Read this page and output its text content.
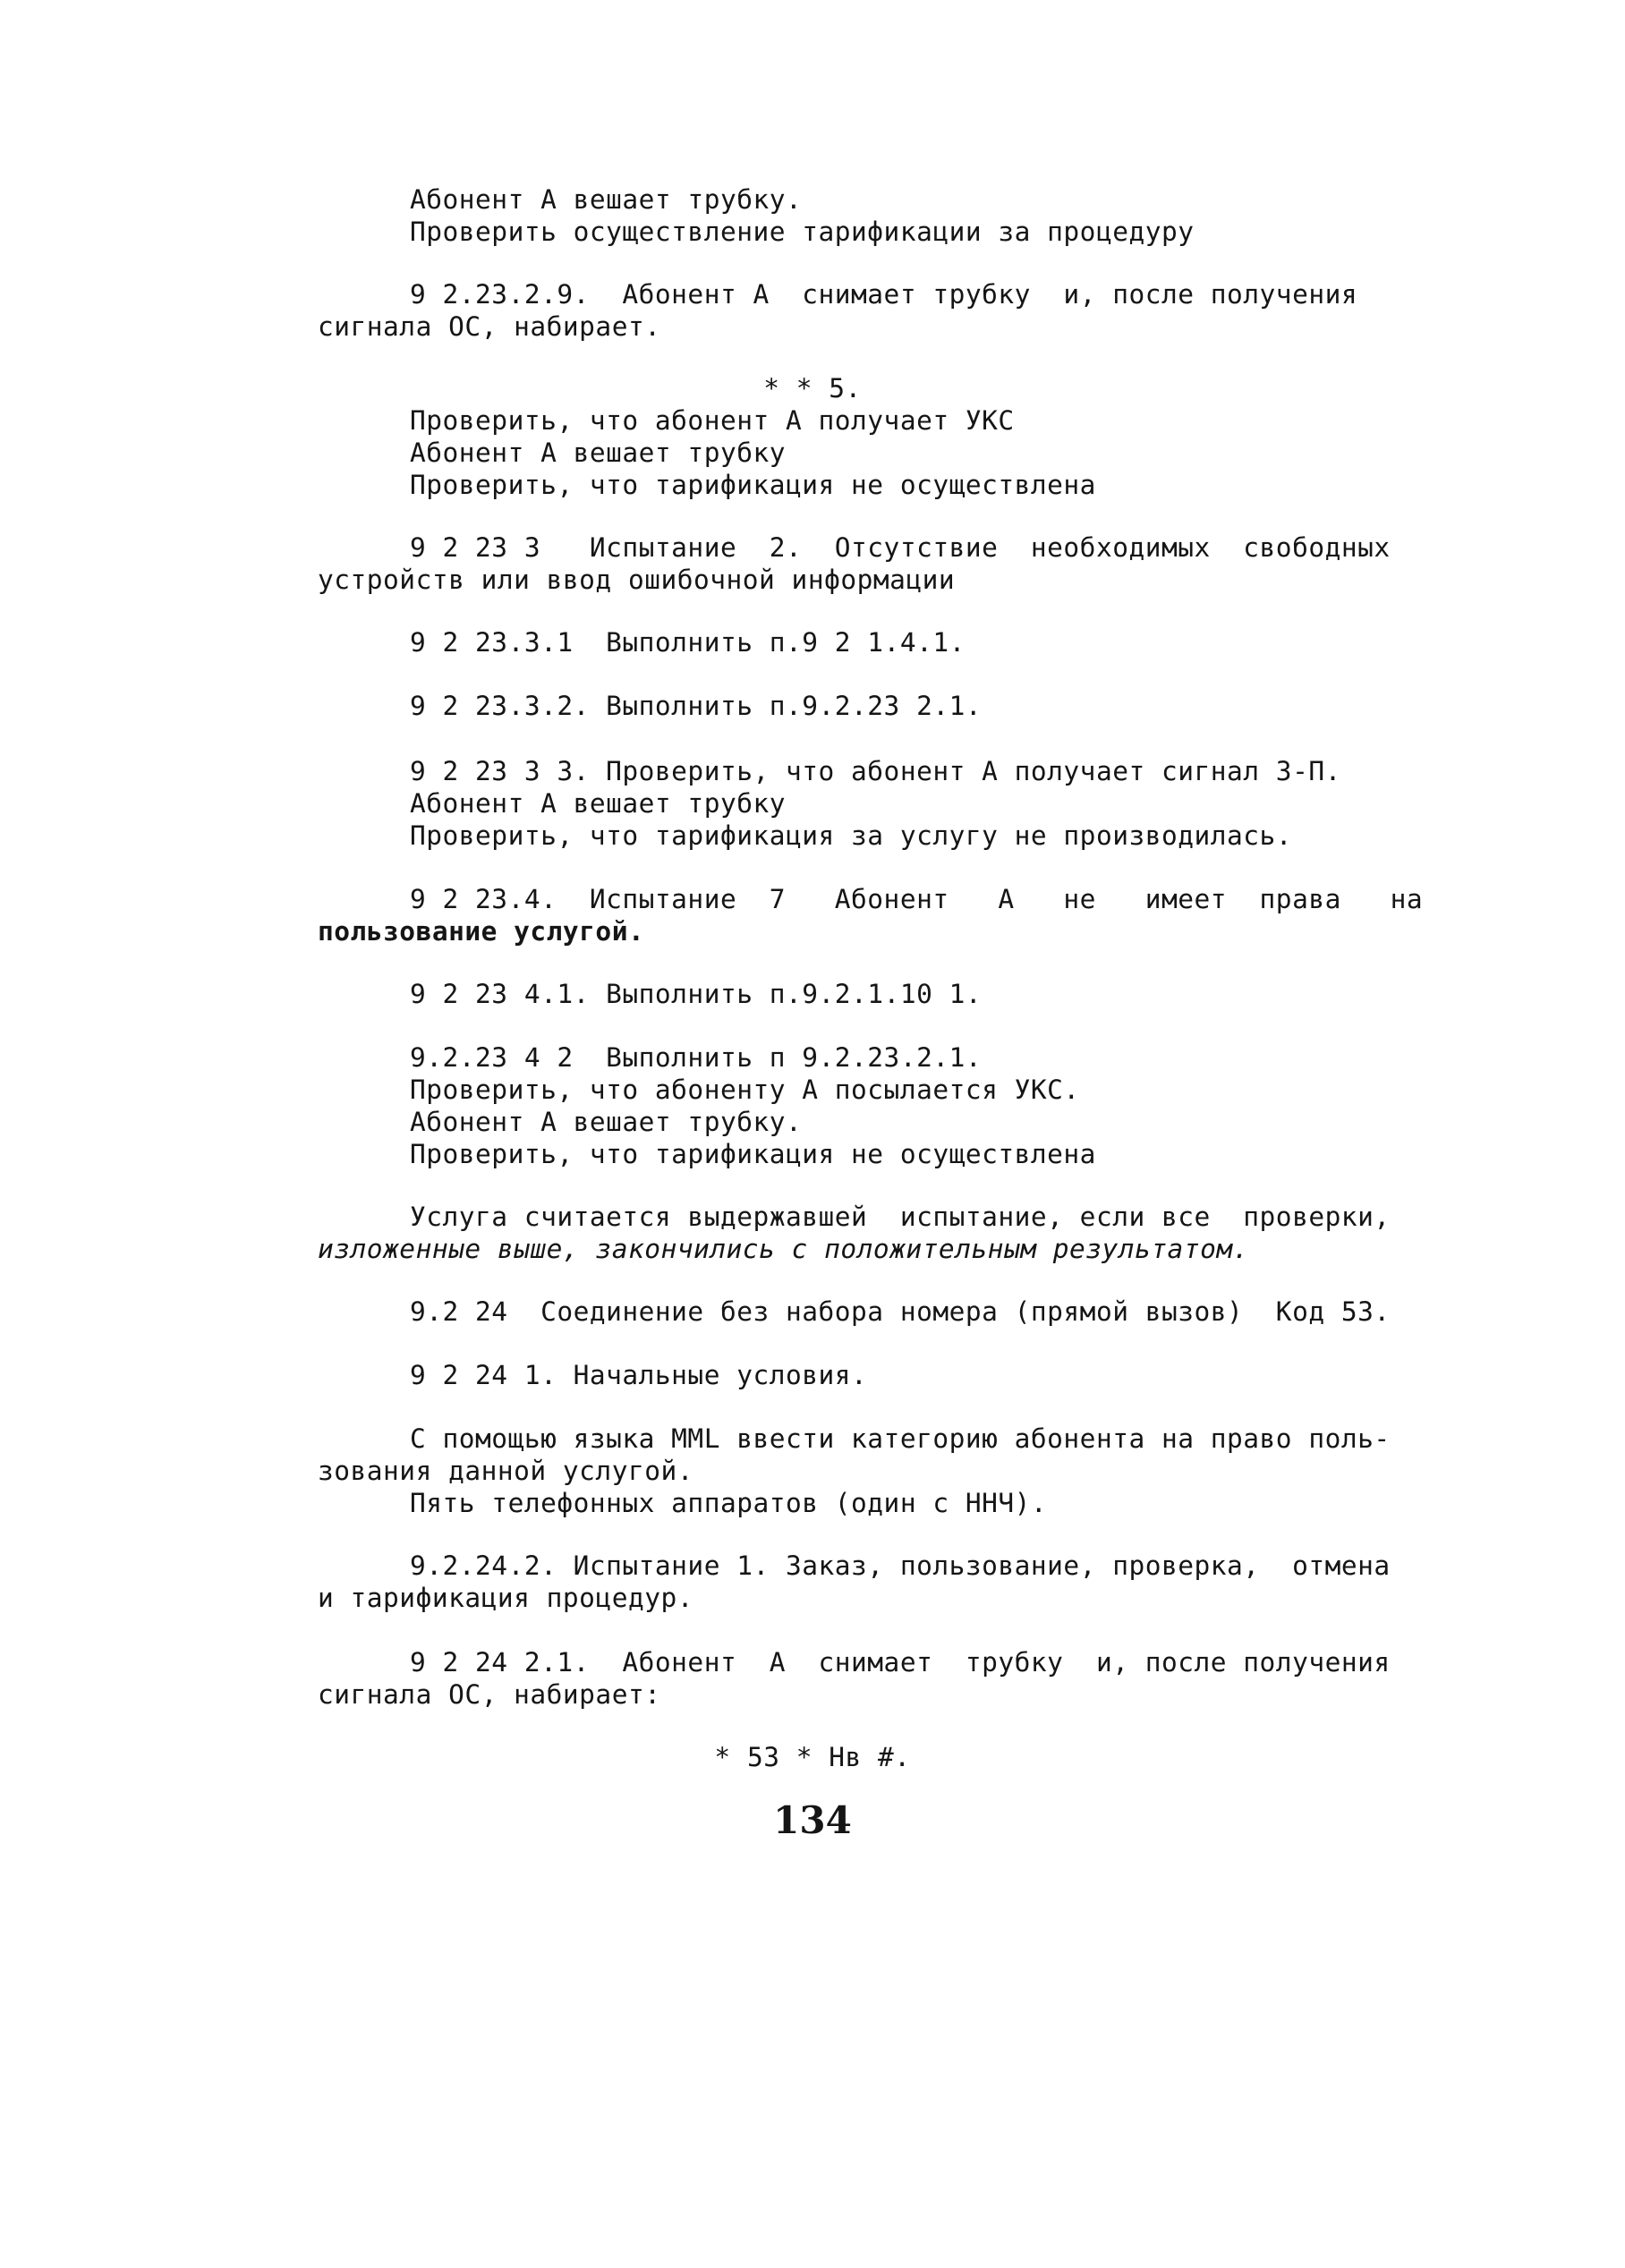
Абонент А вешает трубку.
Проверить осуществление тарификации за процедуру
9 2.23.2.9.  Абонент А  снимает трубку  и, после получения
сигнала ОС, набирает.
* * 5.
Проверить, что абонент А получает УКС
Абонент А вешает трубку
Проверить, что тарификация не осуществлена
9 2 23 3   Испытание  2.  Отсутствие  необходимых  свободных
устройств или ввод ошибочной информации
9 2 23.3.1  Выполнить п.9 2 1.4.1.
9 2 23.3.2. Выполнить п.9.2.23 2.1.
9 2 23 3 3. Проверить, что абонент А получает сигнал З-П.
Абонент А вешает трубку
Проверить, что тарификация за услугу не производилась.
9 2 23.4.  Испытание  7   Абонент   А   не   имеет  права   на
пользование услугой.
9 2 23 4.1. Выполнить п.9.2.1.10 1.
9.2.23 4 2  Выполнить п 9.2.23.2.1.
Проверить, что абоненту А посылается УКС.
Абонент А вешает трубку.
Проверить, что тарификация не осуществлена
Услуга считается выдержавшей  испытание, если все  проверки,
изложенные выше, закончились с положительным результатом.
9.2 24  Соединение без набора номера (прямой вызов)  Код 53.
9 2 24 1. Начальные условия.
С помощью языка MML ввести категорию абонента на право поль-
зования данной услугой.
Пять телефонных аппаратов (один с ННЧ).
9.2.24.2. Испытание 1. Заказ, пользование, проверка,  отмена
и тарификация процедур.
9 2 24 2.1.  Абонент  А  снимает  трубку  и, после получения
сигнала ОС, набирает:
* 53 * Нв #.
134
